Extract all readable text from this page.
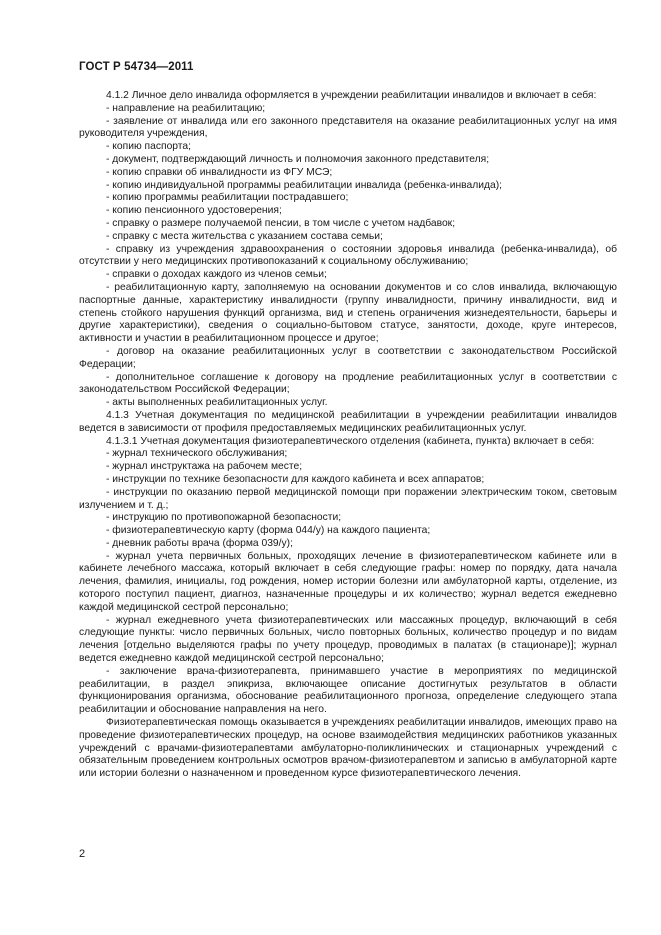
ГОСТ Р 54734—2011

4.1.2 Личное дело инвалида оформляется в учреждении реабилитации инвалидов и включает в себя:

- направление на реабилитацию;

- заявление от инвалида или его законного представителя на оказание реабилитационных услуг на имя руководителя учреждения,

- копию паспорта;

- документ, подтверждающий личность и полномочия законного представителя;

- копию справки об инвалидности из ФГУ МСЭ;

- копию индивидуальной программы реабилитации инвалида (ребенка-инвалида);

- копию программы реабилитации пострадавшего;

- копию пенсионного удостоверения;

- справку о размере получаемой пенсии, в том числе с учетом надбавок;

- справку с места жительства с указанием состава семьи;

- справку из учреждения здравоохранения о состоянии здоровья инвалида (ребенка-инвалида), об отсутствии у него медицинских противопоказаний к социальному обслуживанию;

- справки о доходах каждого из членов семьи;

- реабилитационную карту, заполняемую на основании документов и со слов инвалида, включающую паспортные данные, характеристику инвалидности (группу инвалидности, причину инвалидности, вид и степень стойкого нарушения функций организма, вид и степень ограничения жизнедеятельности, барьеры и другие характеристики), сведения о социально-бытовом статусе, занятости, доходе, круге интересов, активности и участии в реабилитационном процессе и другое;

- договор на оказание реабилитационных услуг в соответствии с законодательством Российской Федерации;

- дополнительное соглашение к договору на продление реабилитационных услуг в соответствии с законодательством Российской Федерации;

- акты выполненных реабилитационных услуг.

4.1.3 Учетная документация по медицинской реабилитации в учреждении реабилитации инвалидов ведется в зависимости от профиля предоставляемых медицинских реабилитационных услуг.

4.1.3.1 Учетная документация физиотерапевтического отделения (кабинета, пункта) включает в себя:

- журнал технического обслуживания;

- журнал инструктажа на рабочем месте;

- инструкции по технике безопасности для каждого кабинета и всех аппаратов;

- инструкции по оказанию первой медицинской помощи при поражении электрическим током, световым излучением и т. д.;

- инструкцию по противопожарной безопасности;

- физиотерапевтическую карту (форма 044/у) на каждого пациента;

- дневник работы врача (форма 039/у);

- журнал учета первичных больных, проходящих лечение в физиотерапевтическом кабинете или в кабинете лечебного массажа, который включает в себя следующие графы: номер по порядку, дата начала лечения, фамилия, инициалы, год рождения, номер истории болезни или амбулаторной карты, отделение, из которого поступил пациент, диагноз, назначенные процедуры и их количество; журнал ведется ежедневно каждой медицинской сестрой персонально;

- журнал ежедневного учета физиотерапевтических или массажных процедур, включающий в себя следующие пункты: число первичных больных, число повторных больных, количество процедур и по видам лечения [отдельно выделяются графы по учету процедур, проводимых в палатах (в стационаре)]; журнал ведется ежедневно каждой медицинской сестрой персонально;

- заключение врача-физиотерапевта, принимавшего участие в мероприятиях по медицинской реабилитации, в раздел эпикриза, включающее описание достигнутых результатов в области функционирования организма, обоснование реабилитационного прогноза, определение следующего этапа реабилитации и обоснование направления на него.

Физиотерапевтическая помощь оказывается в учреждениях реабилитации инвалидов, имеющих право на проведение физиотерапевтических процедур, на основе взаимодействия медицинских работников указанных учреждений с врачами-физиотерапевтами амбулаторно-поликлинических и стационарных учреждений с обязательным проведением контрольных осмотров врачом-физиотерапевтом и записью в амбулаторной карте или истории болезни о назначенном и проведенном курсе физиотерапевтического лечения.

2
